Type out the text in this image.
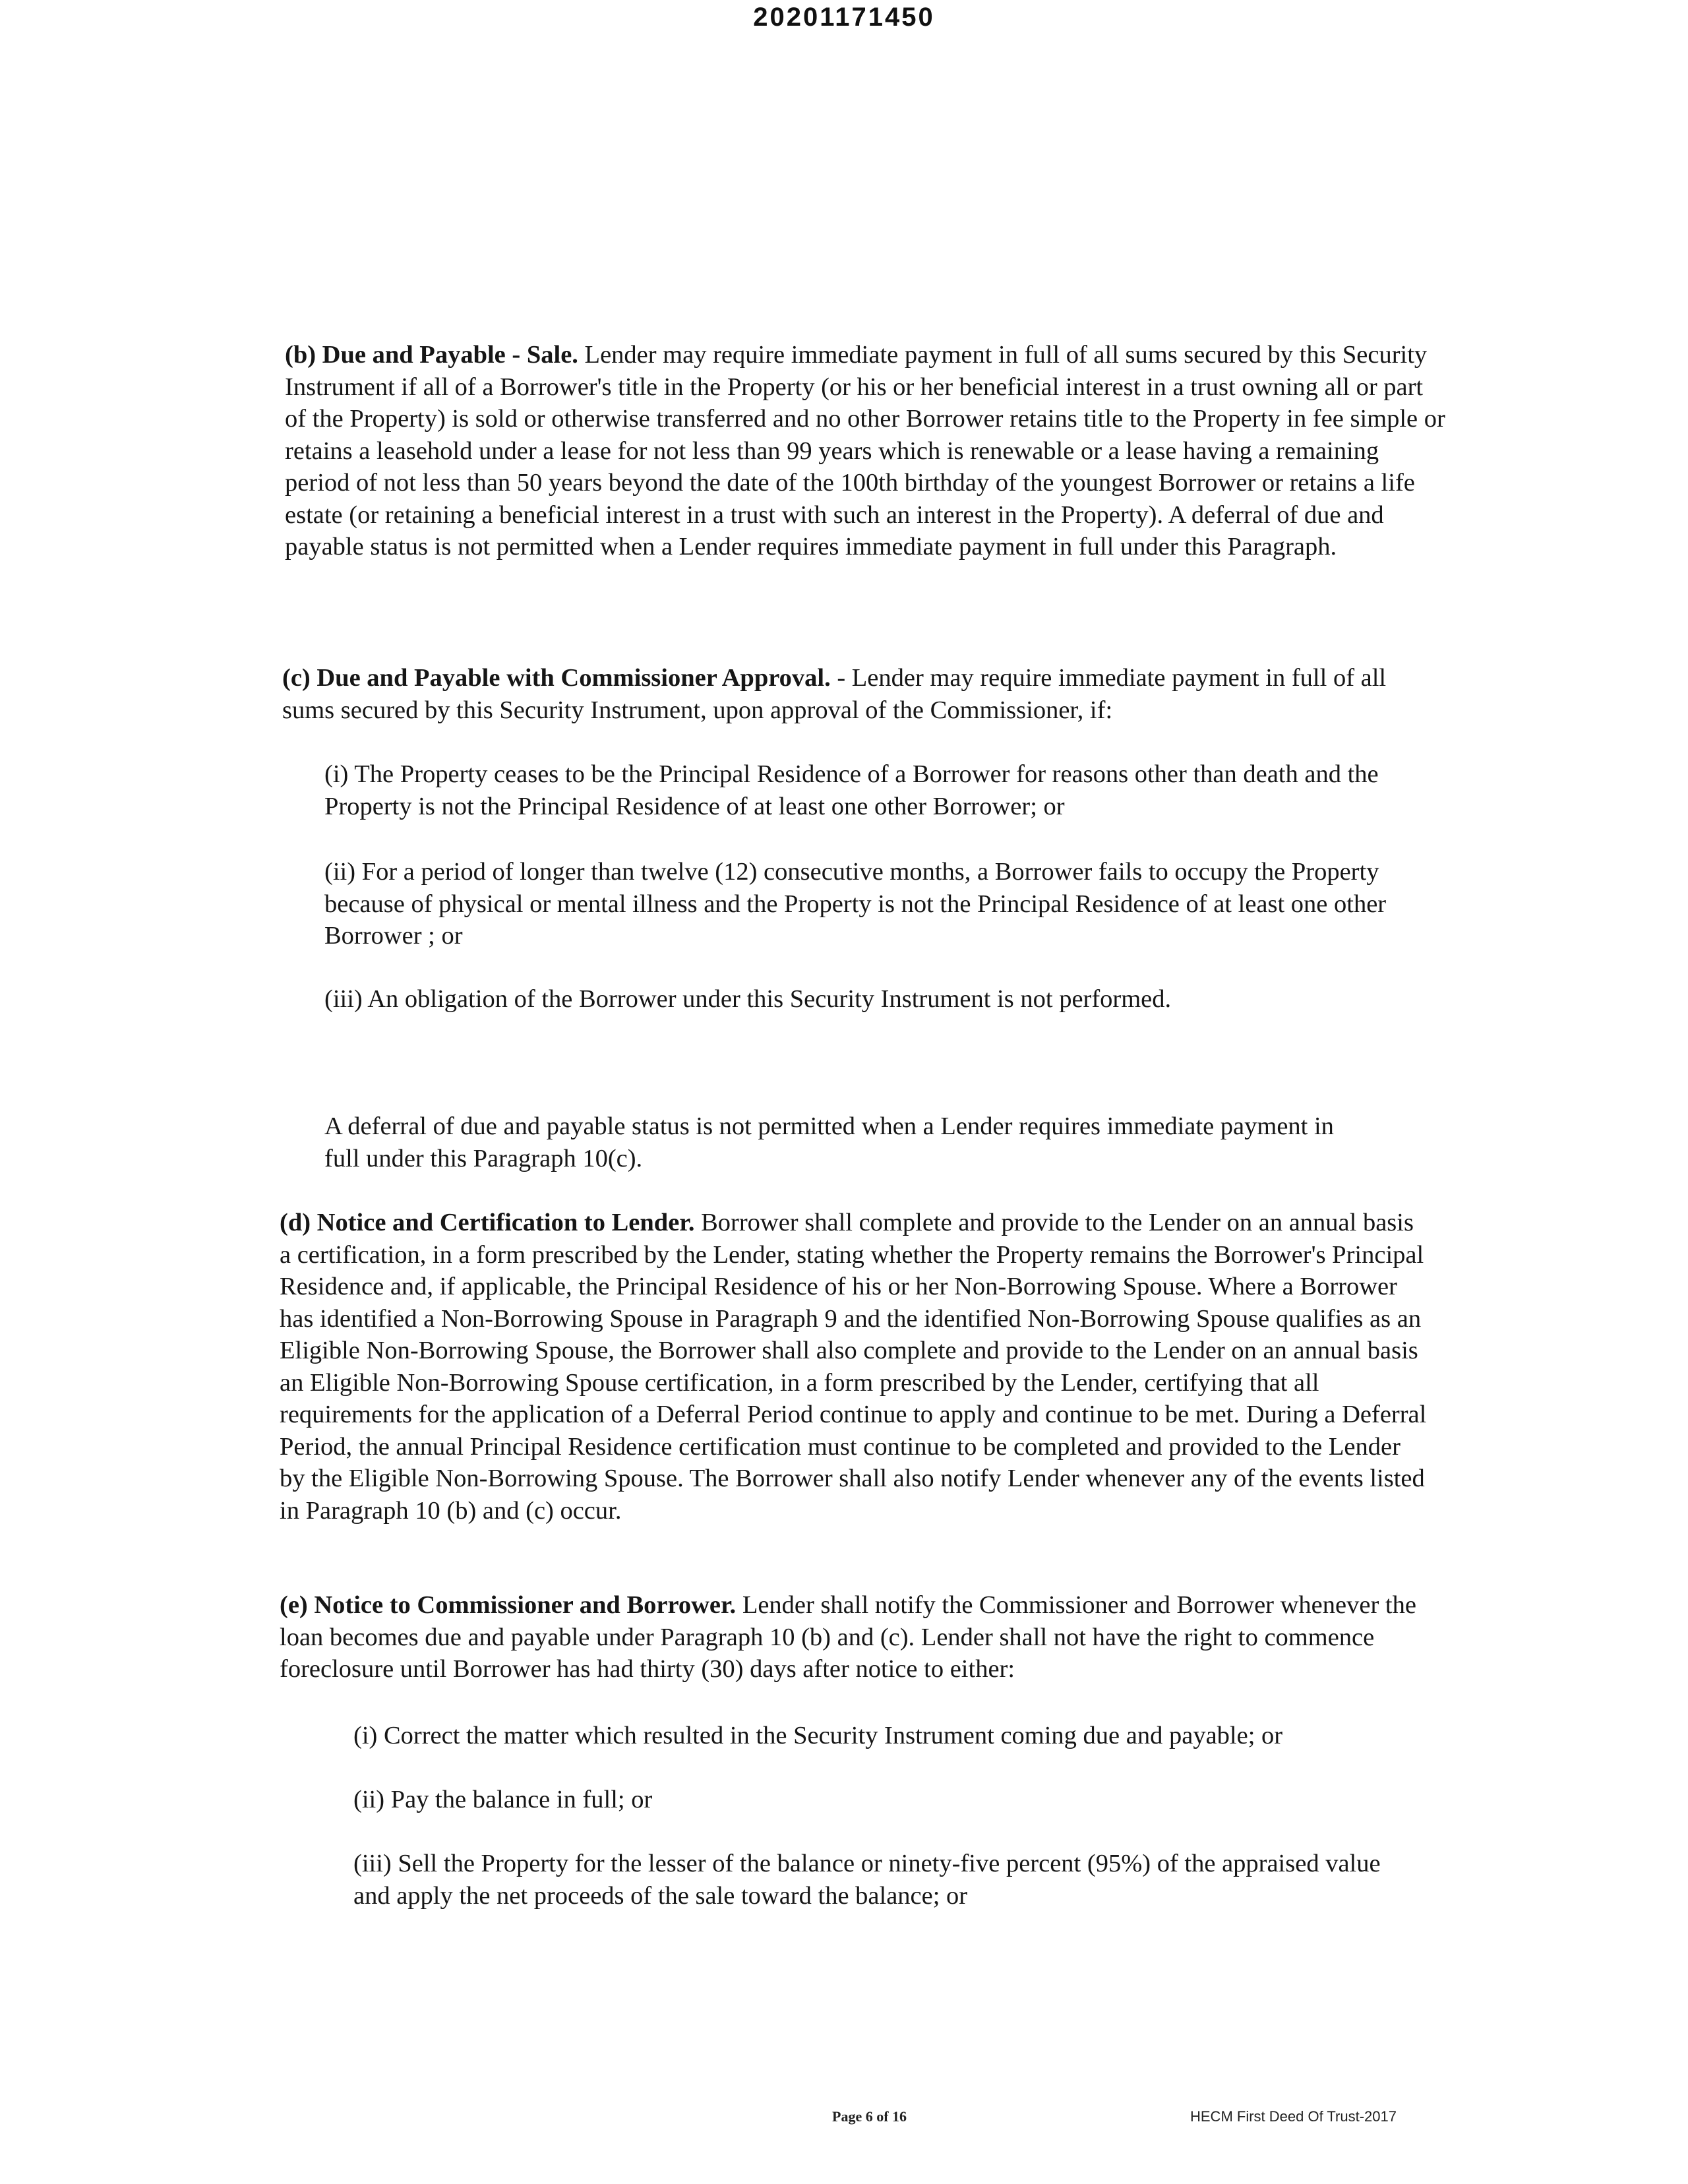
20201171450

(b) Due and Payable - Sale. Lender may require immediate payment in full of all sums secured by this Security Instrument if all of a Borrower's title in the Property (or his or her beneficial interest in a trust owning all or part of the Property) is sold or otherwise transferred and no other Borrower retains title to the Property in fee simple or retains a leasehold under a lease for not less than 99 years which is renewable or a lease having a remaining period of not less than 50 years beyond the date of the 100th birthday of the youngest Borrower or retains a life estate (or retaining a beneficial interest in a trust with such an interest in the Property). A deferral of due and payable status is not permitted when a Lender requires immediate payment in full under this Paragraph.

(c) Due and Payable with Commissioner Approval. - Lender may require immediate payment in full of all sums secured by this Security Instrument, upon approval of the Commissioner, if:

(i) The Property ceases to be the Principal Residence of a Borrower for reasons other than death and the Property is not the Principal Residence of at least one other Borrower; or

(ii) For a period of longer than twelve (12) consecutive months, a Borrower fails to occupy the Property because of physical or mental illness and the Property is not the Principal Residence of at least one other Borrower ; or

(iii) An obligation of the Borrower under this Security Instrument is not performed.

A deferral of due and payable status is not permitted when a Lender requires immediate payment in full under this Paragraph 10(c).

(d) Notice and Certification to Lender. Borrower shall complete and provide to the Lender on an annual basis a certification, in a form prescribed by the Lender, stating whether the Property remains the Borrower's Principal Residence and, if applicable, the Principal Residence of his or her Non-Borrowing Spouse. Where a Borrower has identified a Non-Borrowing Spouse in Paragraph 9 and the identified Non-Borrowing Spouse qualifies as an Eligible Non-Borrowing Spouse, the Borrower shall also complete and provide to the Lender on an annual basis an Eligible Non-Borrowing Spouse certification, in a form prescribed by the Lender, certifying that all requirements for the application of a Deferral Period continue to apply and continue to be met. During a Deferral Period, the annual Principal Residence certification must continue to be completed and provided to the Lender by the Eligible Non-Borrowing Spouse. The Borrower shall also notify Lender whenever any of the events listed in Paragraph 10 (b) and (c) occur.

(e) Notice to Commissioner and Borrower. Lender shall notify the Commissioner and Borrower whenever the loan becomes due and payable under Paragraph 10 (b) and (c). Lender shall not have the right to commence foreclosure until Borrower has had thirty (30) days after notice to either:

(i) Correct the matter which resulted in the Security Instrument coming due and payable; or

(ii) Pay the balance in full; or

(iii) Sell the Property for the lesser of the balance or ninety-five percent (95%) of the appraised value and apply the net proceeds of the sale toward the balance; or

Page 6 of 16	HECM First Deed Of Trust-2017
